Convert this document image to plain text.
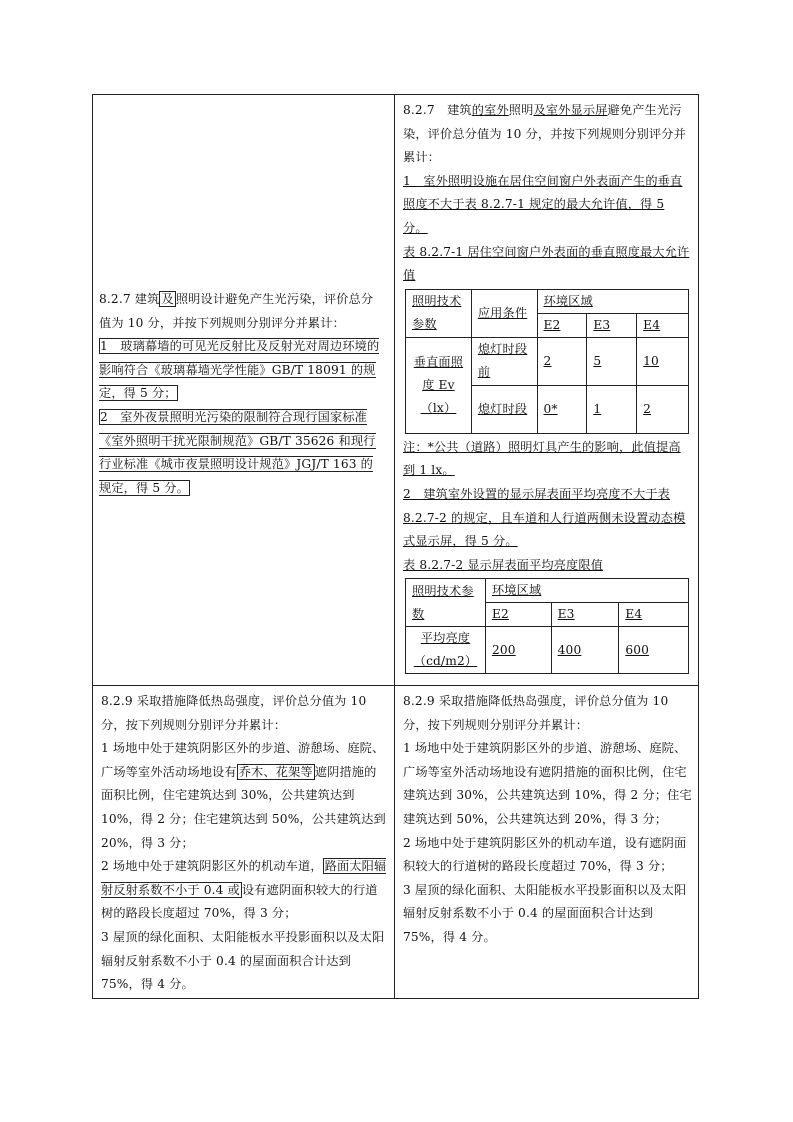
8.2.7 建筑 及 照明设计避免产生光污染，评价总分值为 10 分，并按下列规则分别评分并累计：
1　玻璃幕墙的可见光反射比及反射光对周边环境的影响符合《玻璃幕墙光学性能》GB/T 18091 的规定，得 5 分；
2　室外夜景照明光污染的限制符合现行国家标准《室外照明干扰光限制规范》GB/T 35626 和现行行业标准《城市夜景照明设计规范》JGJ/T 163 的规定，得 5 分。

8.2.7　建筑的室外照明及室外显示屏避免产生光污染，评价总分值为 10 分，并按下列规则分别评分并累计：
1　室外照明设施在居住空间窗户外表面产生的垂直照度不大于表 8.2.7-1 规定的最大允许值，得 5 分。
表 8.2.7-1 居住空间窗户外表面的垂直照度最大允许值
照明技术参数	应用条件	环境区域
E2	E3	E4
垂直面照度 Ev（lx）	熄灯时段前	2	5	10
熄灯时段	0*	1	2
注：*公共（道路）照明灯具产生的影响，此值提高到 1 lx。
2　建筑室外设置的显示屏表面平均亮度不大于表 8.2.7-2 的规定，且车道和人行道两侧未设置动态模式显示屏，得 5 分。
表 8.2.7-2 显示屏表面平均亮度限值
照明技术参数	环境区域
E2	E3	E4
平均亮度（cd/m2）	200	400	600

8.2.9 采取措施降低热岛强度，评价总分值为 10 分，按下列规则分别评分并累计：
1 场地中处于建筑阴影区外的步道、游憩场、庭院、广场等室外活动场地设有 乔木、花架等 遮阴措施的面积比例，住宅建筑达到 30%，公共建筑达到 10%，得 2 分；住宅建筑达到 50%，公共建筑达到 20%，得 3 分；
2 场地中处于建筑阴影区外的机动车道， 路面太阳辐射反射系数不小于 0.4 或 设有遮阴面积较大的行道树的路段长度超过 70%，得 3 分；
3 屋顶的绿化面积、太阳能板水平投影面积以及太阳辐射反射系数不小于 0.4 的屋面面积合计达到 75%，得 4 分。

8.2.9 采取措施降低热岛强度，评价总分值为 10 分，按下列规则分别评分并累计：
1 场地中处于建筑阴影区外的步道、游憩场、庭院、广场等室外活动场地设有遮阴措施的面积比例，住宅建筑达到 30%，公共建筑达到 10%，得 2 分；住宅建筑达到 50%，公共建筑达到 20%，得 3 分；
2 场地中处于建筑阴影区外的机动车道，设有遮阴面积较大的行道树的路段长度超过 70%，得 3 分；
3 屋顶的绿化面积、太阳能板水平投影面积以及太阳辐射反射系数不小于 0.4 的屋面面积合计达到 75%，得 4 分。
